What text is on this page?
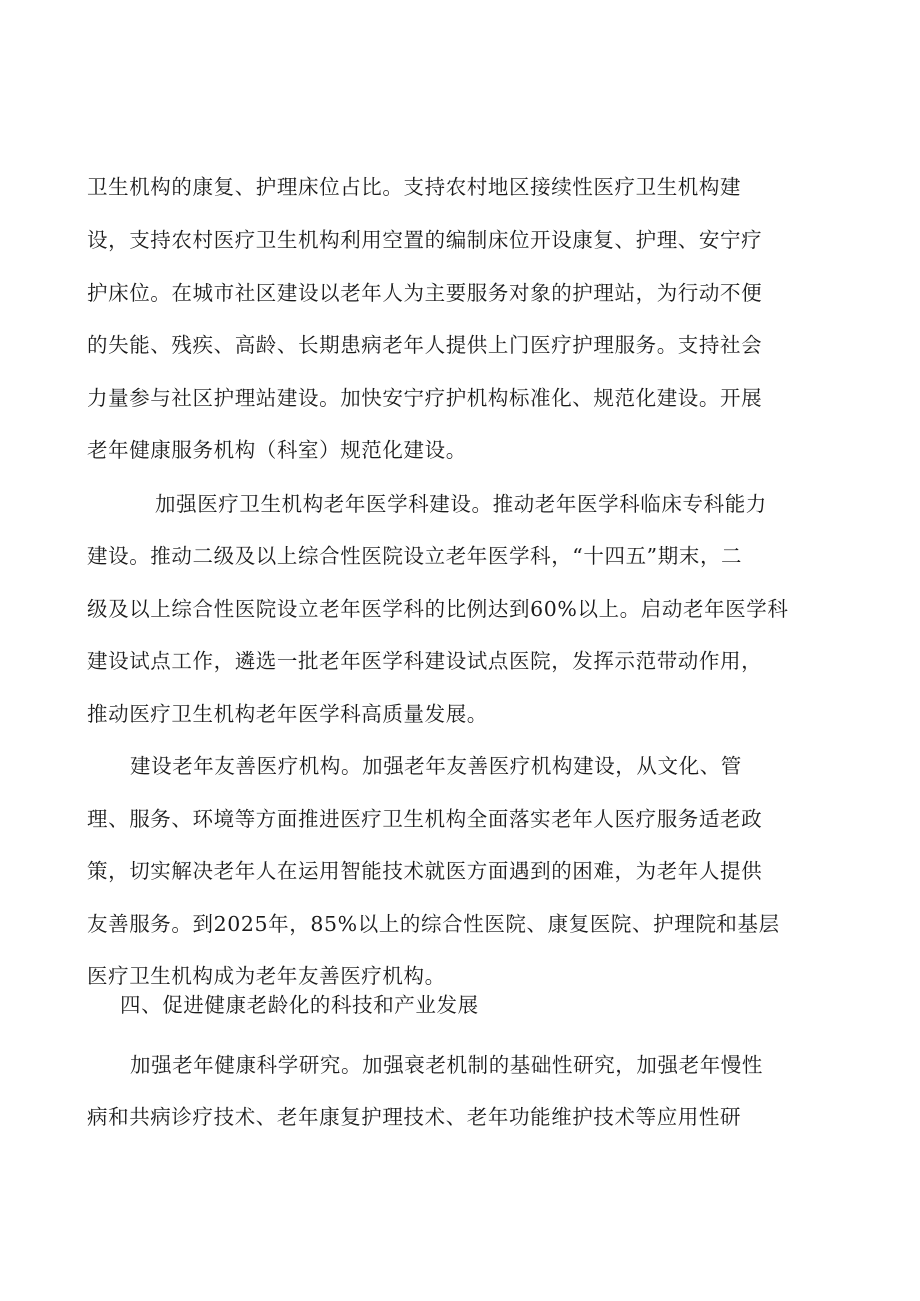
卫生机构的康复、护理床位占比。支持农村地区接续性医疗卫生机构建

设，支持农村医疗卫生机构利用空置的编制床位开设康复、护理、安宁疗

护床位。在城市社区建设以老年人为主要服务对象的护理站，为行动不便

的失能、残疾、高龄、长期患病老年人提供上门医疗护理服务。支持社会

力量参与社区护理站建设。加快安宁疗护机构标准化、规范化建设。开展

老年健康服务机构（科室）规范化建设。

加强医疗卫生机构老年医学科建设。推动老年医学科临床专科能力

建设。推动二级及以上综合性医院设立老年医学科，“十四五”期末，二

级及以上综合性医院设立老年医学科的比例达到60%以上。启动老年医学科

建设试点工作，遴选一批老年医学科建设试点医院，发挥示范带动作用，

推动医疗卫生机构老年医学科高质量发展。

建设老年友善医疗机构。加强老年友善医疗机构建设，从文化、管

理、服务、环境等方面推进医疗卫生机构全面落实老年人医疗服务适老政

策，切实解决老年人在运用智能技术就医方面遇到的困难，为老年人提供

友善服务。到2025年，85%以上的综合性医院、康复医院、护理院和基层

医疗卫生机构成为老年友善医疗机构。

四、促进健康老龄化的科技和产业发展

加强老年健康科学研究。加强衰老机制的基础性研究，加强老年慢性

病和共病诊疗技术、老年康复护理技术、老年功能维护技术等应用性研
